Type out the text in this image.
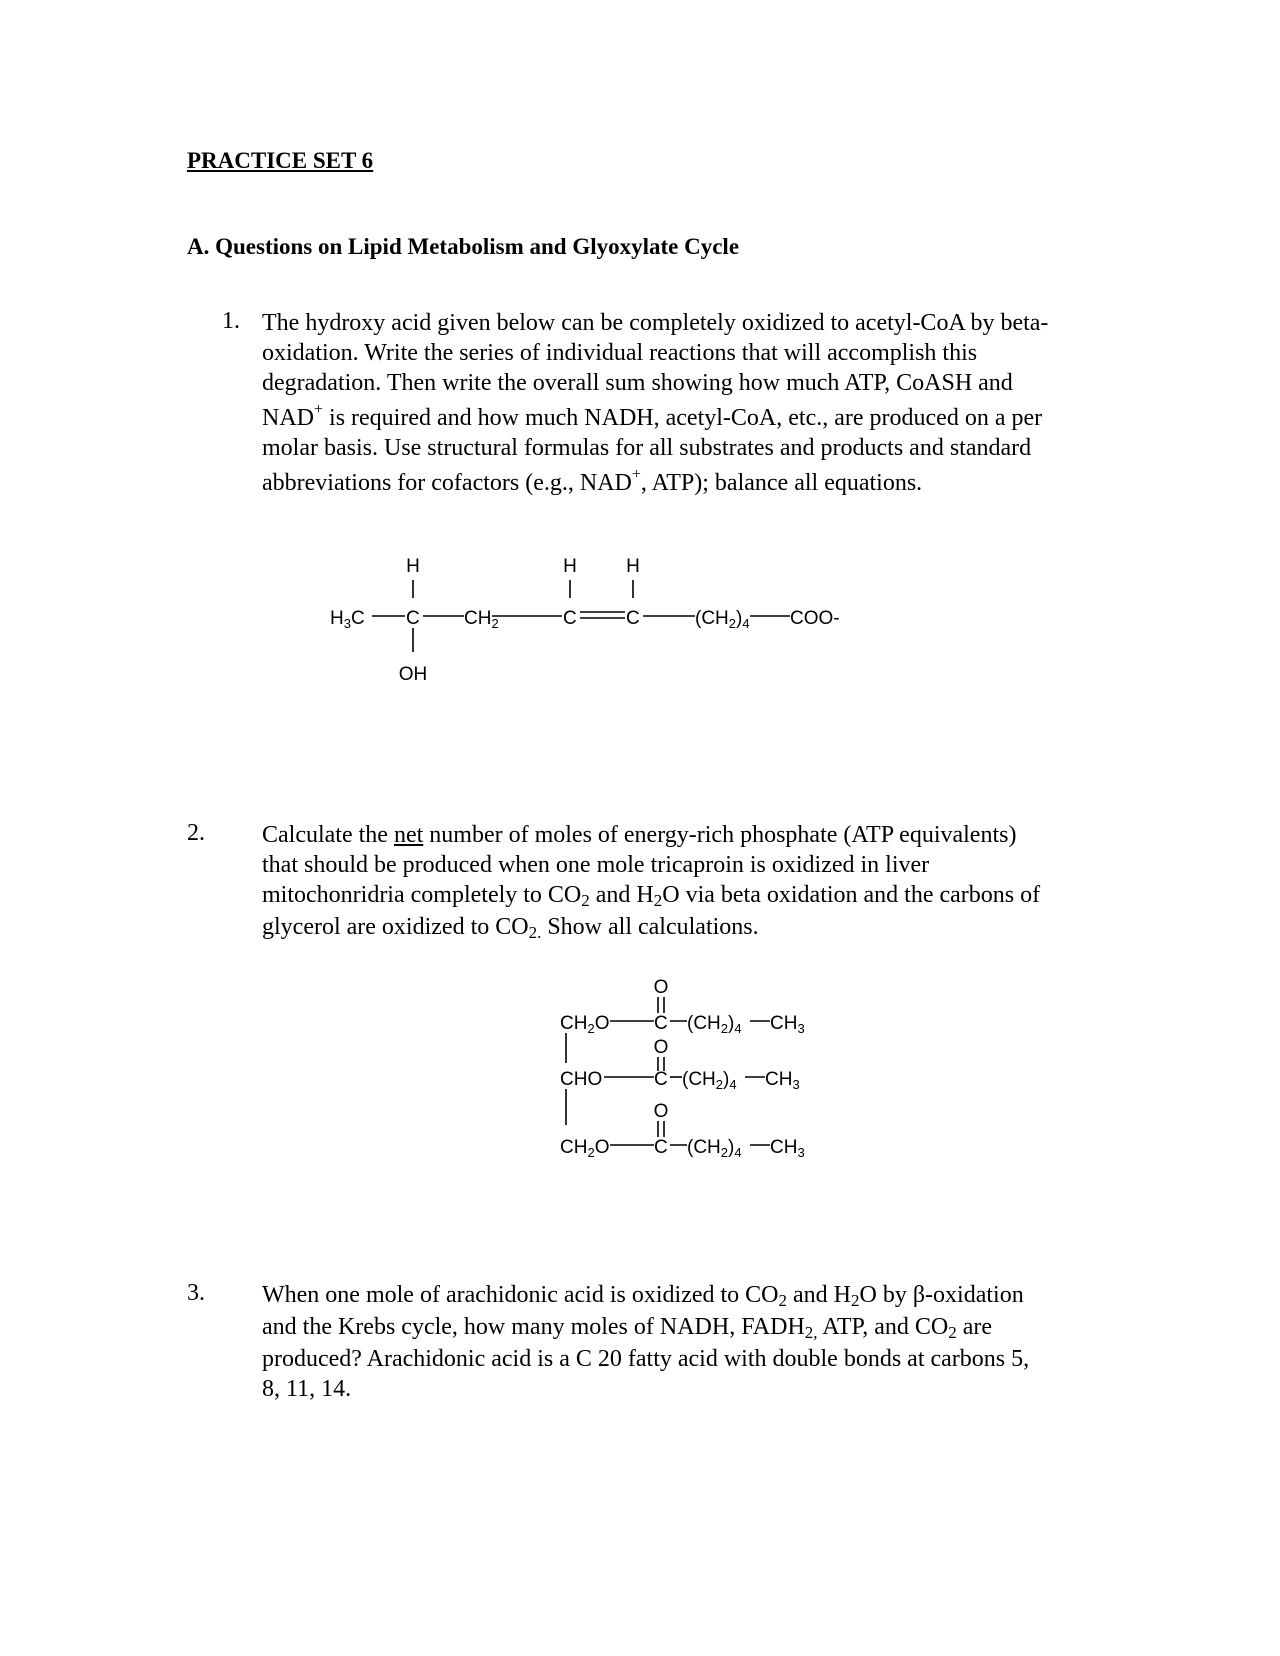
PRACTICE SET 6
A. Questions on Lipid Metabolism and Glyoxylate Cycle
1. The hydroxy acid given below can be completely oxidized to acetyl-CoA by beta-
oxidation. Write the series of individual reactions that will accomplish this
degradation. Then write the overall sum showing how much ATP, CoASH and
NAD+ is required and how much NADH, acetyl-CoA, etc., are produced on a per
molar basis. Use structural formulas for all substrates and products and standard
abbreviations for cofactors (e.g., NAD+, ATP); balance all equations.
H	H	H
$H_3C$ C $CH_2$	C	C	$(CH_2)_4$ COO-
OH
2. Calculate the net number of moles of energy-rich phosphate (ATP equivalents)
that should be produced when one mole tricaproin is oxidized in liver
mitochonridria completely to $CO_2$ and $H_2O$ via beta oxidation and the carbons of
glycerol are oxidized to $CO_{2.}$ Show all calculations.
O
$CH_2O$ C $(CH_2)_4$ $CH_3$
O
CHO	C $(CH_2)_4$ $CH_3$
O
$CH_2O$ C $(CH_2)_4$ $CH_3$
3. When one mole of arachidonic acid is oxidized to $CO_2$ and $H_2O$ by β-oxidation
and the Krebs cycle, how many moles of NADH, $FADH_{2,}$ ATP, and $CO_2$ are
produced? Arachidonic acid is a C 20 fatty acid with double bonds at carbons 5,
8, 11, 14.
